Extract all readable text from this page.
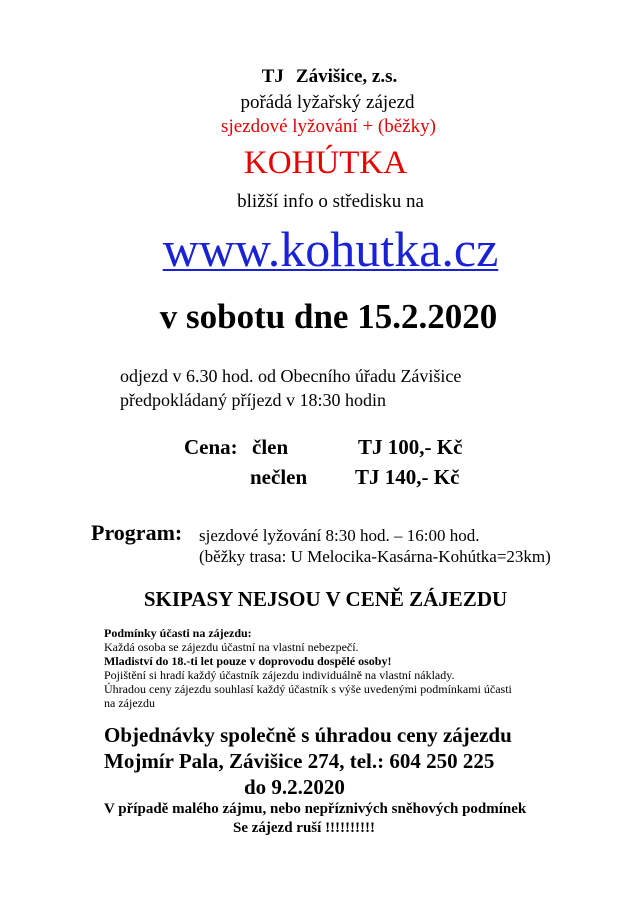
TJ Závišice, z.s.
pořádá lyžařský zájezd
sjezdové lyžování + (běžky)
KOHÚTKA
bližší info o středisku na
www.kohutka.cz
v sobotu dne 15.2.2020
odjezd v 6.30 hod. od Obecního úřadu Závišice
předpokládaný příjezd v 18:30 hodin
Cena: člen	TJ 100,- Kč
nečlen TJ 140,- Kč
Program: sjezdové lyžování 8:30 hod. – 16:00 hod.
(běžky trasa: U Melocika-Kasárna-Kohútka=23km)
SKIPASY NEJSOU V CENĚ ZÁJEZDU
Podmínky účasti na zájezdu:
Každá osoba se zájezdu účastní na vlastní nebezpečí.
Mladiství do 18.-ti let pouze v doprovodu dospělé osoby!
Pojištění si hradí každý účastník zájezdu individuálně na vlastní náklady.
Úhradou ceny zájezdu souhlasí každý účastník s výše uvedenými podmínkami účasti na zájezdu
Objednávky společně s úhradou ceny zájezdu
Mojmír Pala, Závišice 274, tel.: 604 250 225
do 9.2.2020
V případě malého zájmu, nebo nepříznivých sněhových podmínek
Se zájezd ruší !!!!!!!!!!
